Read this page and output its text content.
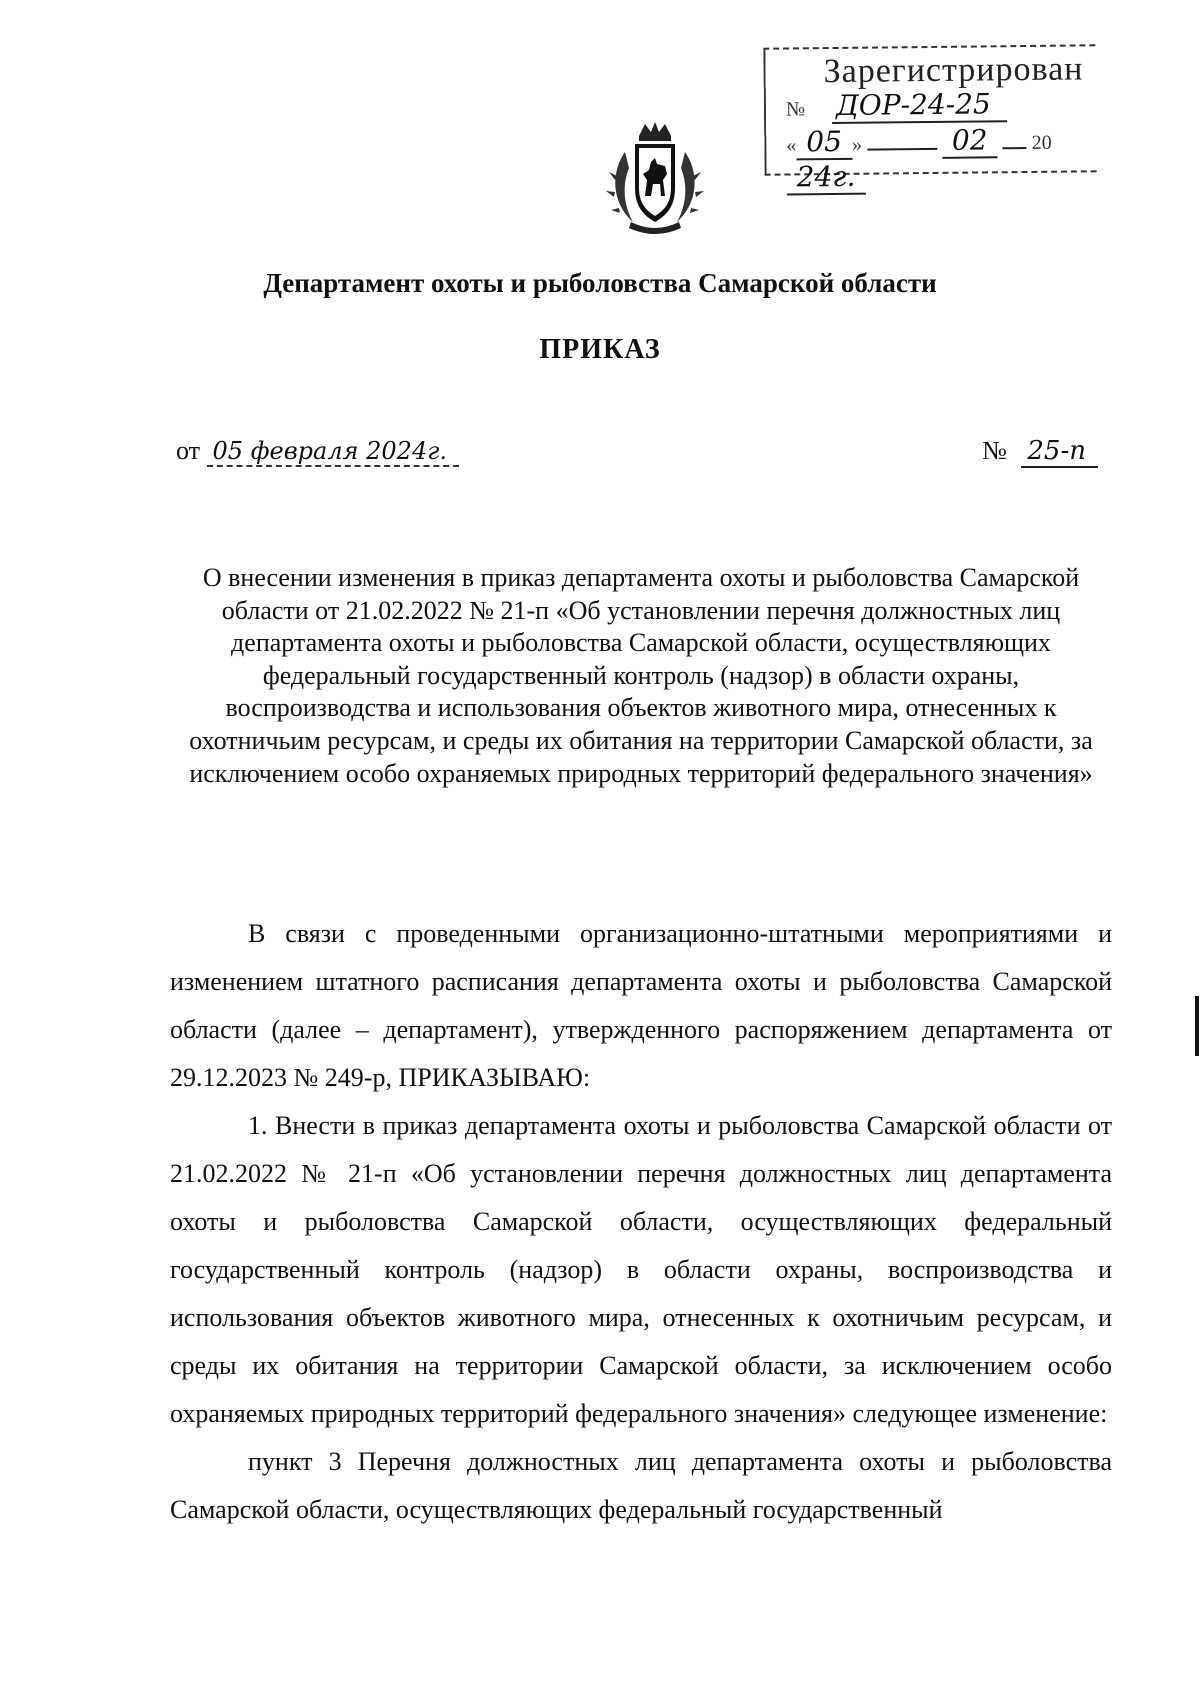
Зарегистрирован
№ ДОР-24-25
« 05 »	02 2024г.
Департамент охоты и рыболовства Самарской области
ПРИКАЗ
от 05 февраля 2024г.	№ 25-п
О внесении изменения в приказ департамента охоты и рыболовства Самарской области от 21.02.2022 № 21-п «Об установлении перечня должностных лиц департамента охоты и рыболовства Самарской области, осуществляющих федеральный государственный контроль (надзор) в области охраны, воспроизводства и использования объектов животного мира, отнесенных к охотничьим ресурсам, и среды их обитания на территории Самарской области, за исключением особо охраняемых природных территорий федерального значения»

В связи с проведенными организационно-штатными мероприятиями и изменением штатного расписания департамента охоты и рыболовства Самарской области (далее – департамент), утвержденного распоряжением департамента от 29.12.2023 № 249-р, ПРИКАЗЫВАЮ:

1. Внести в приказ департамента охоты и рыболовства Самарской области от 21.02.2022 № 21-п «Об установлении перечня должностных лиц департамента охоты и рыболовства Самарской области, осуществляющих федеральный государственный контроль (надзор) в области охраны, воспроизводства и использования объектов животного мира, отнесенных к охотничьим ресурсам, и среды их обитания на территории Самарской области, за исключением особо охраняемых природных территорий федерального значения» следующее изменение:

пункт 3 Перечня должностных лиц департамента охоты и рыболовства Самарской области, осуществляющих федеральный государственный
